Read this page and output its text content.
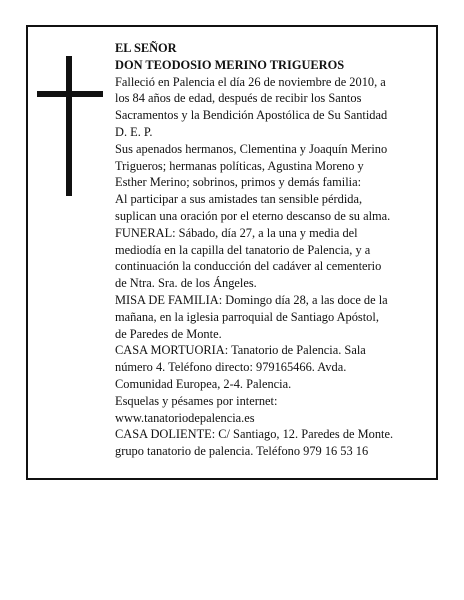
EL SEÑOR
DON TEODOSIO MERINO TRIGUEROS
Falleció en Palencia el día 26 de noviembre de 2010, a
los 84 años de edad, después de recibir los Santos
Sacramentos y la Bendición Apostólica de Su Santidad
D. E. P.
Sus apenados hermanos, Clementina y Joaquín Merino
Trigueros; hermanas políticas, Agustina Moreno y
Esther Merino; sobrinos, primos y demás familia:
Al participar a sus amistades tan sensible pérdida,
suplican una oración por el eterno descanso de su alma.
FUNERAL: Sábado, día 27, a la una y media del
mediodía en la capilla del tanatorio de Palencia, y a
continuación la conducción del cadáver al cementerio
de Ntra. Sra. de los Ángeles.
MISA DE FAMILIA: Domingo día 28, a las doce de la
mañana, en la iglesia parroquial de Santiago Apóstol,
de Paredes de Monte.
CASA MORTUORIA: Tanatorio de Palencia. Sala
número 4. Teléfono directo: 979165466. Avda.
Comunidad Europea, 2-4. Palencia.
Esquelas y pésames por internet:
www.tanatoriodepalencia.es
CASA DOLIENTE: C/ Santiago, 12. Paredes de Monte.
grupo tanatorio de palencia. Teléfono 979 16 53 16
